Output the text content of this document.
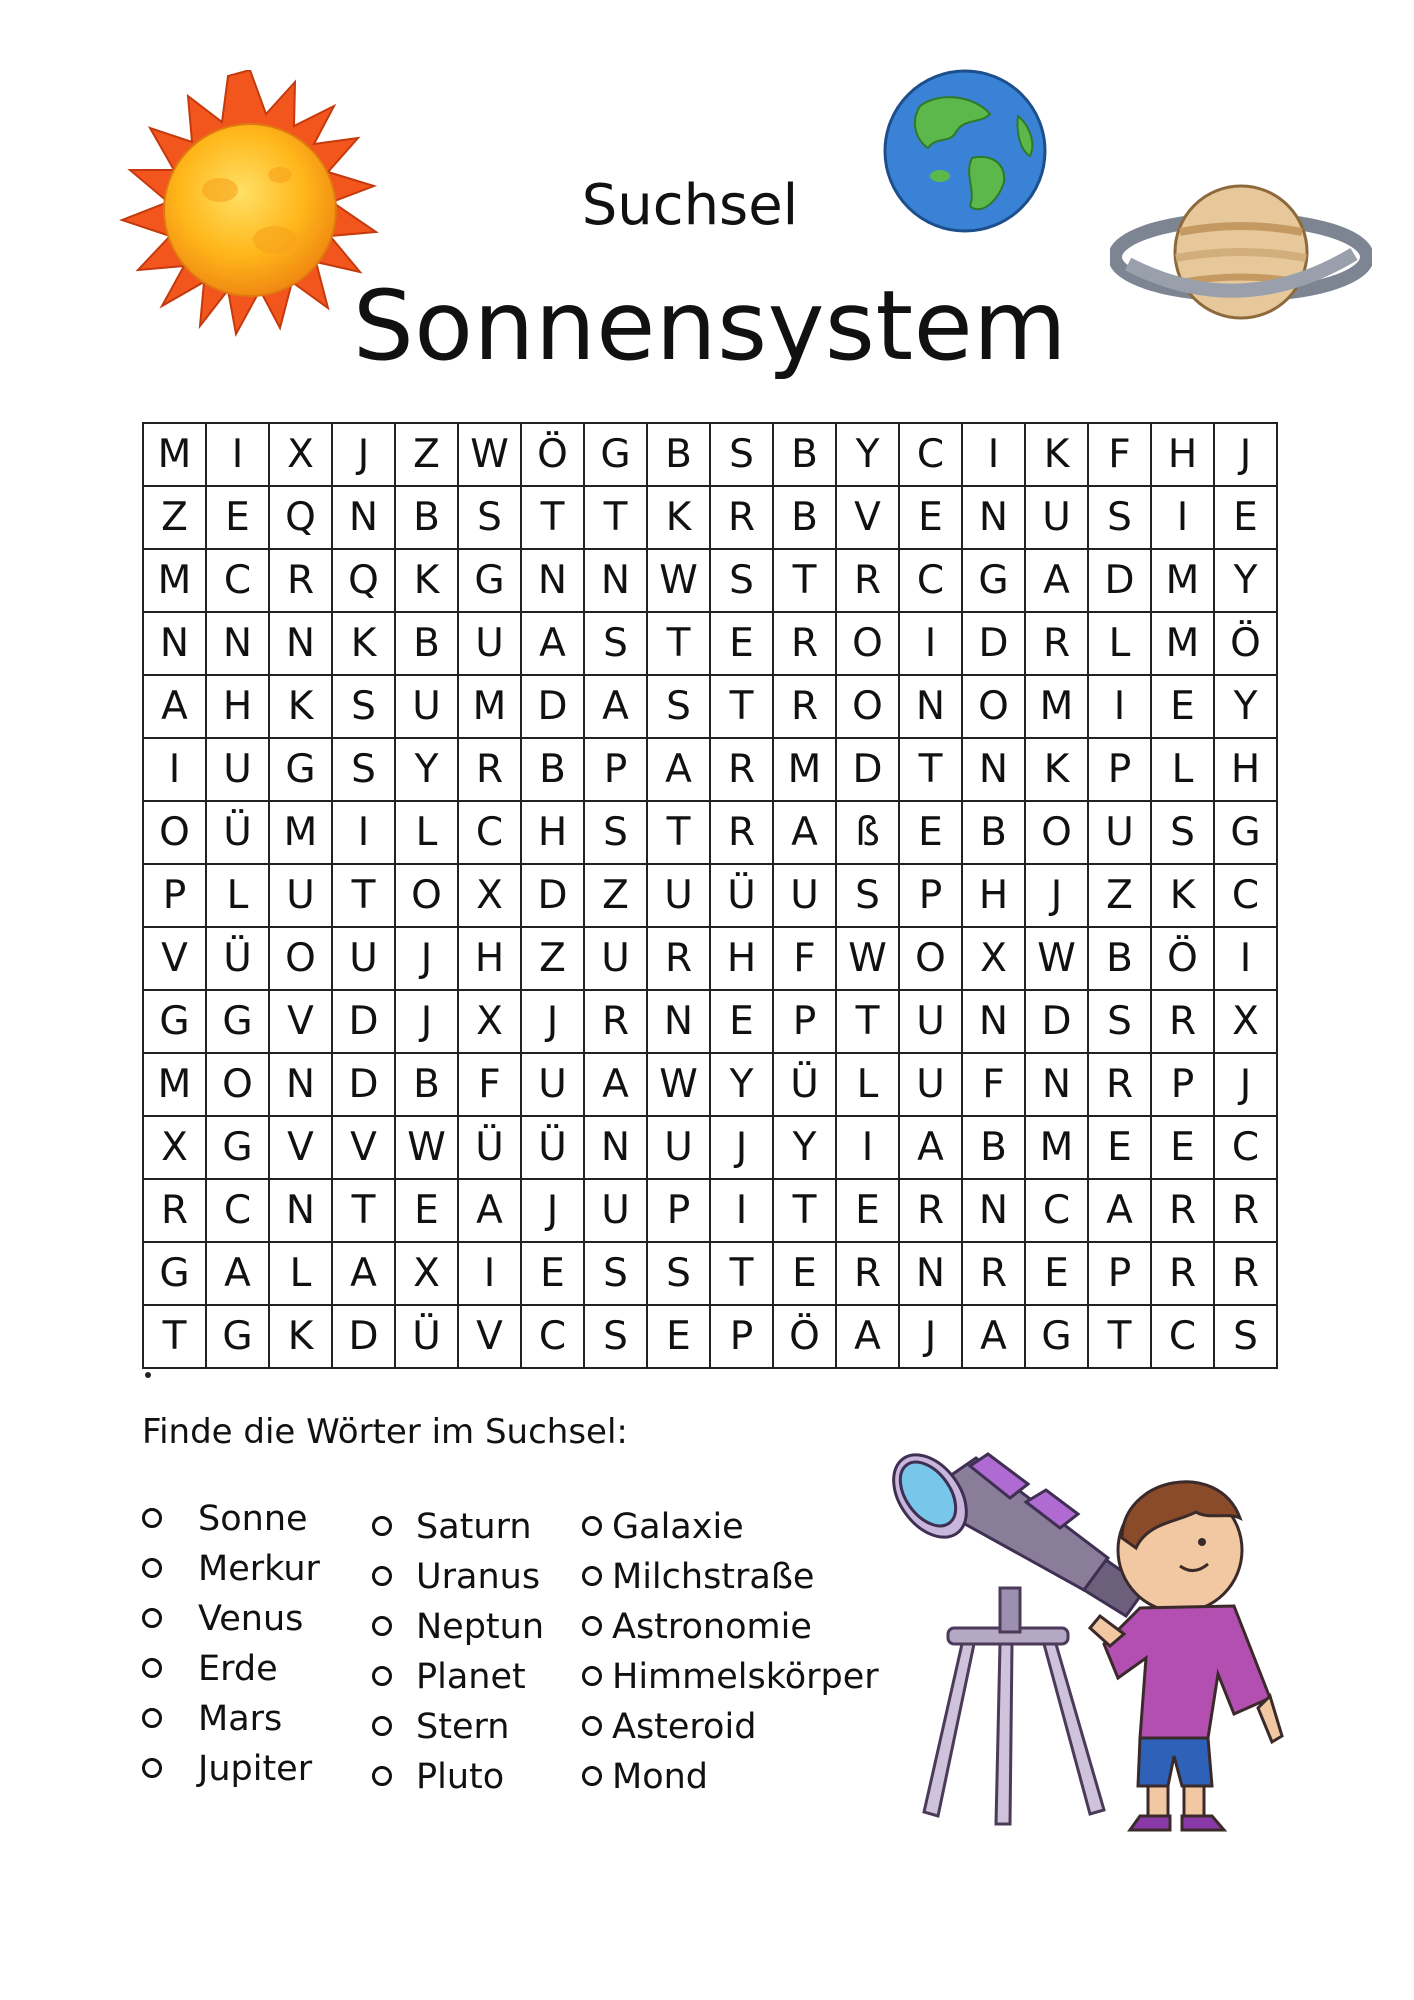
Suchsel
Sonnensystem
M	I	X	J	Z W Ö G B S B Y C	I	K	F H	J
Z E Q N B S T	T K R B V E N U S	I	E
M C R Q K G N N W S T R C G A D M Y
N N N K B U A S T E R O	I	D R L M Ö
A H K S U M D A S T R O N O M	I	E Y
I	U G S Y R B P A R M D T N K P	L H
O Ü M	I	L C H S T R A ß E B O U S G
P	L U T O X D Z U Ü U S P H	J	Z K C
V Ü O U	J	H Z U R H F W O X W B Ö	I
G G V D	J	X	J	R N E P	T U N D S R X
M O N D B F U A W Y Ü L U F N R P	J
X G V V W Ü Ü N U	J	Y	I	A B M E E C
R C N T E A	J	U P	I	T E R N C A R R
G A L A X	I	E S S T E R N R E P R R
T G K D Ü V C S E P Ö A	J	A G T C S
Finde die Wörter im Suchsel:
Sonne
Merkur
Venus
Erde
Mars
Jupiter
Saturn
Uranus
Neptun
Planet
Stern
Pluto
Galaxie
Milchstraße
Astronomie
Himmelskörper
Asteroid
Mond
